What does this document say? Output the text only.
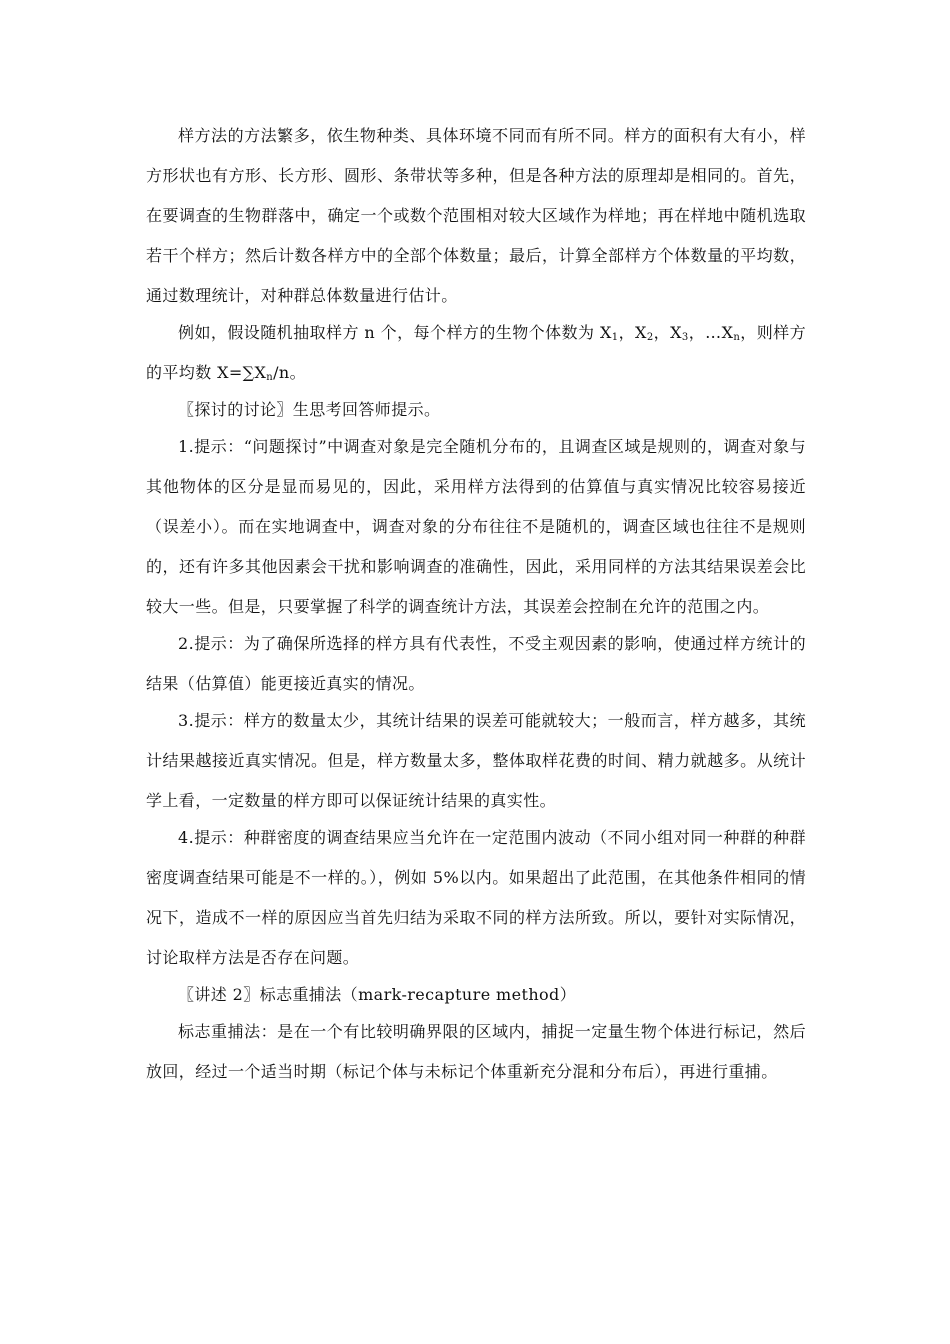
样方法的方法繁多，依生物种类、具体环境不同而有所不同。样方的面积有大有小，样方形状也有方形、长方形、圆形、条带状等多种，但是各种方法的原理却是相同的。首先，在要调查的生物群落中，确定一个或数个范围相对较大区域作为样地；再在样地中随机选取若干个样方；然后计数各样方中的全部个体数量；最后，计算全部样方个体数量的平均数，通过数理统计，对种群总体数量进行估计。

例如，假设随机抽取样方 n 个，每个样方的生物个体数为 $X_1$，$X_2$，$X_3$，$\dots X_n$，则样方的平均数 $X=\sum X_n/n$。

〖探讨的讨论〗生思考回答师提示。

1.提示：“问题探讨”中调查对象是完全随机分布的，且调查区域是规则的，调查对象与其他物体的区分是显而易见的，因此，采用样方法得到的估算值与真实情况比较容易接近（误差小）。而在实地调查中，调查对象的分布往往不是随机的，调查区域也往往不是规则的，还有许多其他因素会干扰和影响调查的准确性，因此，采用同样的方法其结果误差会比较大一些。但是，只要掌握了科学的调查统计方法，其误差会控制在允许的范围之内。

2.提示：为了确保所选择的样方具有代表性，不受主观因素的影响，使通过样方统计的结果（估算值）能更接近真实的情况。

3.提示：样方的数量太少，其统计结果的误差可能就较大；一般而言，样方越多，其统计结果越接近真实情况。但是，样方数量太多，整体取样花费的时间、精力就越多。从统计学上看，一定数量的样方即可以保证统计结果的真实性。

4.提示：种群密度的调查结果应当允许在一定范围内波动（不同小组对同一种群的种群密度调查结果可能是不一样的。），例如 5%以内。如果超出了此范围，在其他条件相同的情况下，造成不一样的原因应当首先归结为采取不同的样方法所致。所以，要针对实际情况，讨论取样方法是否存在问题。

〖讲述 2〗标志重捕法（mark-recapture method）

标志重捕法：是在一个有比较明确界限的区域内，捕捉一定量生物个体进行标记，然后放回，经过一个适当时期（标记个体与未标记个体重新充分混和分布后），再进行重捕。
